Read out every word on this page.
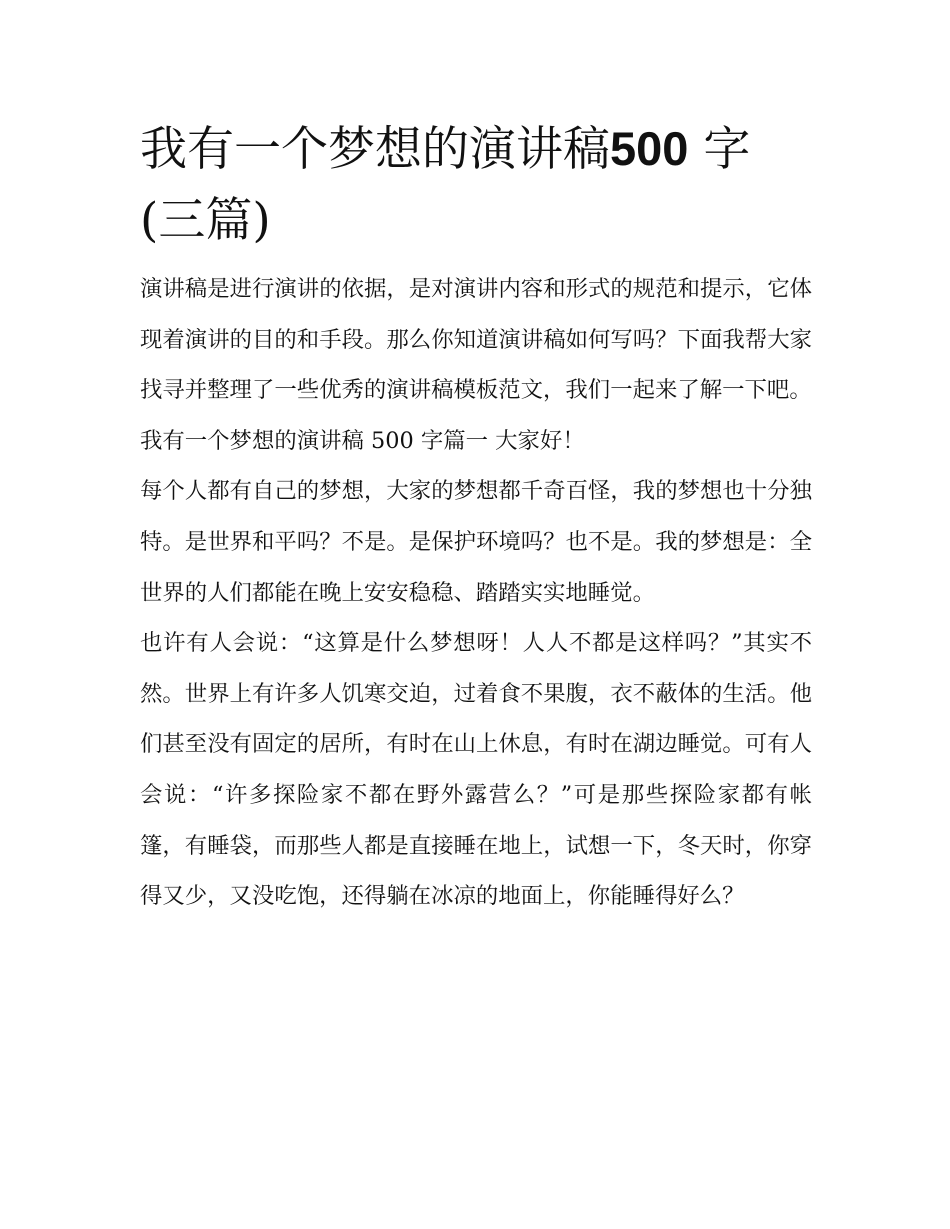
我有一个梦想的演讲稿500 字(三篇)

演讲稿是进行演讲的依据，是对演讲内容和形式的规范和提示，它体现着演讲的目的和手段。那么你知道演讲稿如何写吗？下面我帮大家找寻并整理了一些优秀的演讲稿模板范文，我们一起来了解一下吧。

我有一个梦想的演讲稿 500 字篇一 大家好！

每个人都有自己的梦想，大家的梦想都千奇百怪，我的梦想也十分独特。是世界和平吗？不是。是保护环境吗？也不是。我的梦想是：全世界的人们都能在晚上安安稳稳、踏踏实实地睡觉。

也许有人会说：“这算是什么梦想呀！人人不都是这样吗？”其实不然。世界上有许多人饥寒交迫，过着食不果腹，衣不蔽体的生活。他们甚至没有固定的居所，有时在山上休息，有时在湖边睡觉。可有人会说：“许多探险家不都在野外露营么？”可是那些探险家都有帐篷，有睡袋，而那些人都是直接睡在地上，试想一下，冬天时，你穿得又少，又没吃饱，还得躺在冰凉的地面上，你能睡得好么？
